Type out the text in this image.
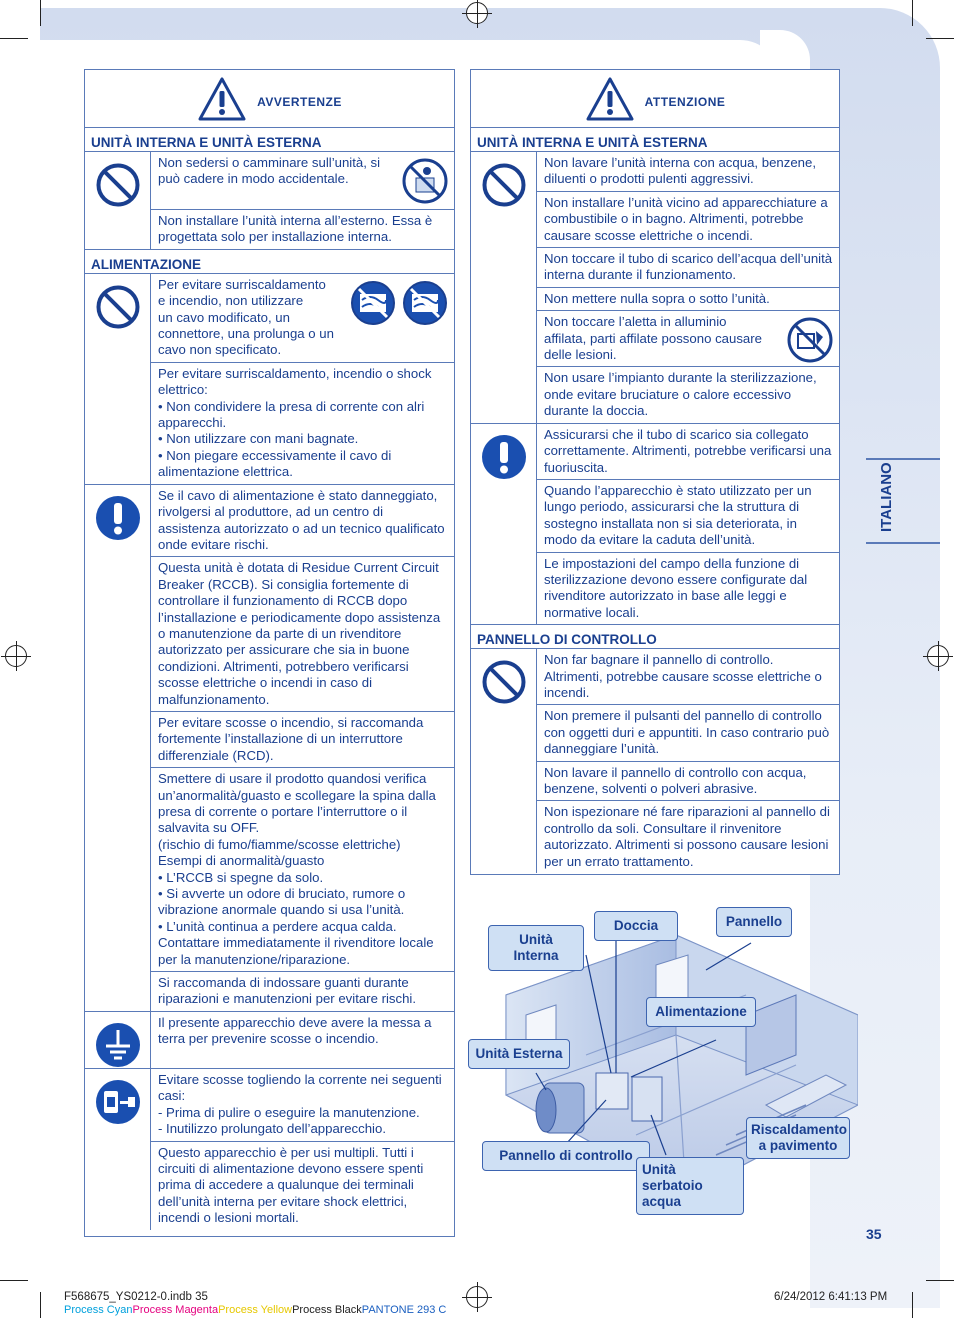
AVVERTENZE
UNITÀ INTERNA E UNITÀ ESTERNA
Non sedersi o camminare sull’unità, si può cadere in modo accidentale.
Non installare l’unità interna all’esterno. Essa è progettata solo per installazione interna.
ALIMENTAZIONE
Per evitare surriscaldamento
e incendio, non utilizzare
un cavo modificato, un
connettore, una prolunga o un
cavo non specificato.
Per evitare surriscaldamento, incendio o shock elettrico:
• Non condividere la presa di corrente con alri
apparecchi.
• Non utilizzare con mani bagnate.
• Non piegare eccessivamente il cavo di
alimentazione elettrica.
Se il cavo di alimentazione è stato danneggiato, rivolgersi al produttore, ad un centro di assistenza autorizzato o ad un tecnico qualificato onde evitare rischi.
Questa unità è dotata di Residue Current Circuit Breaker (RCCB). Si consiglia fortemente di controllare il funzionamento di RCCB dopo l’installazione e periodicamente dopo assistenza o manutenzione da parte di un rivenditore autorizzato per assicurare che sia in buone condizioni. Altrimenti, potrebbero verificarsi scosse elettriche o incendi in caso di malfunzionamento.
Per evitare scosse o incendio, si raccomanda fortemente l’installazione di un interruttore differenziale (RCD).
Smettere di usare il prodotto quandosi verifica un’anormalità/guasto e scollegare la spina dalla presa di corrente o portare l’interruttore o il salvavita su OFF.
(rischio di fumo/fiamme/scosse elettriche)
Esempi di anormalità/guasto
• L’RCCB si spegne da solo.
• Si avverte un odore di bruciato, rumore o
vibrazione anormale quando si usa l’unità.
• L’unità continua a perdere acqua calda.
Contattare immediatamente il rivenditore locale per la manutenzione/riparazione.
Si raccomanda di indossare guanti durante riparazioni e manutenzioni per evitare rischi.
Il presente apparecchio deve avere la messa a terra per prevenire scosse o incendio.
Evitare scosse togliendo la corrente nei seguenti casi:
- Prima di pulire o eseguire la manutenzione.
- Inutilizzo prolungato dell’apparecchio.
Questo apparecchio è per usi multipli. Tutti i circuiti di alimentazione devono essere spenti prima di accedere a qualunque dei terminali dell’unità interna per evitare shock elettrici, incendi o lesioni mortali.
ATTENZIONE
UNITÀ INTERNA E UNITÀ ESTERNA
Non lavare l’unità interna con acqua, benzene, diluenti o prodotti pulenti aggressivi.
Non installare l’unità vicino ad apparecchiature a combustibile o in bagno. Altrimenti, potrebbe causare scosse elettriche o incendi.
Non toccare il tubo di scarico dell’acqua dell’unità interna durante il funzionamento.
Non mettere nulla sopra o sotto l’unità.
Non toccare l’aletta in alluminio
affilata, parti affilate possono causare
delle lesioni.
Non usare l’impianto durante la sterilizzazione, onde evitare bruciature o calore eccessivo durante la doccia.
Assicurarsi che il tubo di scarico sia collegato correttamente. Altrimenti, potrebbe verificarsi una fuoriuscita.
Quando l’apparecchio è stato utilizzato per un lungo periodo, assicurarsi che la struttura di sostegno installata non si sia deteriorata, in modo da evitare la caduta dell’unità.
Le impostazioni del campo della funzione di sterilizzazione devono essere configurate dal rivenditore autorizzato in base alle leggi e normative locali.
PANNELLO DI CONTROLLO
Non far bagnare il pannello di controllo. Altrimenti, potrebbe causare scosse elettriche o incendi.
Non premere il pulsanti del pannello di controllo con oggetti duri e appuntiti. In caso contrario può danneggiare l’unità.
Non lavare il pannello di controllo con acqua, benzene, solventi o polveri abrasive.
Non ispezionare né fare riparazioni al pannello di controllo da soli. Consultare il rinvenitore autorizzato. Altrimenti si possono causare lesioni per un errato trattamento.
Doccia	Pannello
Unità Interna
Alimentazione
Unità Esterna
Riscaldamento
a pavimento
Pannello di controllo
Unità serbatoio
acqua
ITALIANO
35
F568675_YS0212-0.indb 35	6/24/2012 6:41:13 PM
Process CyanProcess MagentaProcess YellowProcess BlackPANTONE 293 C
